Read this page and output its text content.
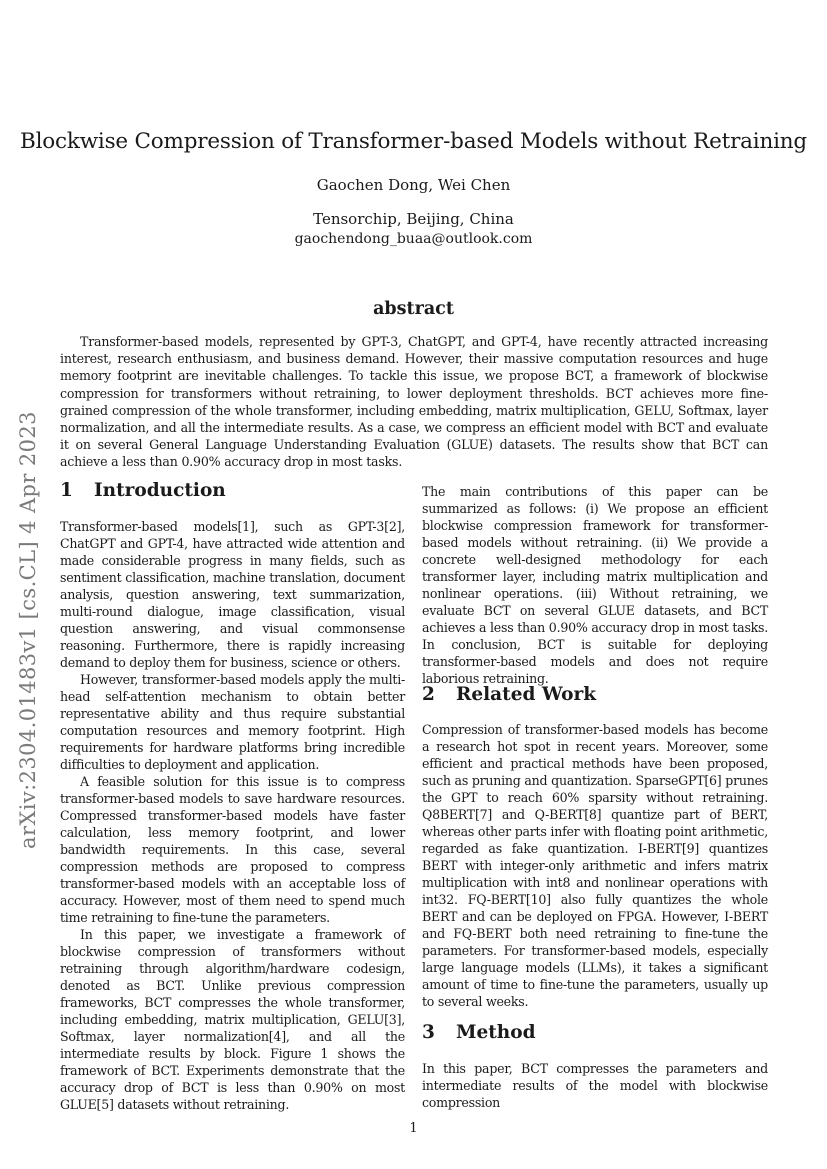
arXiv:2304.01483v1 [cs.CL] 4 Apr 2023
Blockwise Compression of Transformer-based Models without Retraining
Gaochen Dong, Wei Chen
Tensorchip, Beijing, China
gaochendong_buaa@outlook.com
abstract
Transformer-based models, represented by GPT-3, ChatGPT, and GPT-4, have recently attracted increasing interest, research enthusiasm, and business demand. However, their massive computation resources and huge memory footprint are inevitable challenges. To tackle this issue, we propose BCT, a framework of blockwise compression for transformers without retraining, to lower deployment thresholds. BCT achieves more fine-grained compression of the whole transformer, including embedding, matrix multiplication, GELU, Softmax, layer normalization, and all the intermediate results. As a case, we compress an efficient model with BCT and evaluate it on several General Language Understanding Evaluation (GLUE) datasets. The results show that BCT can achieve a less than 0.90% accuracy drop in most tasks.
1 Introduction

Transformer-based models[1], such as GPT-3[2], ChatGPT and GPT-4, have attracted wide attention and made considerable progress in many fields, such as sentiment classification, machine translation, document analysis, question answering, text summarization, multi-round dialogue, image classification, visual question answering, and visual commonsense reasoning. Furthermore, there is rapidly increasing demand to deploy them for business, science or others.

However, transformer-based models apply the multi-head self-attention mechanism to obtain better representative ability and thus require substantial computation resources and memory footprint. High requirements for hardware platforms bring incredible difficulties to deployment and application.

A feasible solution for this issue is to compress transformer-based models to save hardware resources. Compressed transformer-based models have faster calculation, less memory footprint, and lower bandwidth requirements. In this case, several compression methods are proposed to compress transformer-based models with an acceptable loss of accuracy. However, most of them need to spend much time retraining to fine-tune the parameters.

In this paper, we investigate a framework of blockwise compression of transformers without retraining through algorithm/hardware codesign, denoted as BCT. Unlike previous compression frameworks, BCT compresses the whole transformer, including embedding, matrix multiplication, GELU[3], Softmax, layer normalization[4], and all the intermediate results by block. Figure 1 shows the framework of BCT. Experiments demonstrate that the accuracy drop of BCT is less than 0.90% on most GLUE[5] datasets without retraining.

2 Related Work

Compression of transformer-based models has become a research hot spot in recent years. Moreover, some efficient and practical methods have been proposed, such as pruning and quantization. SparseGPT[6] prunes the GPT to reach 60% sparsity without retraining. Q8BERT[7] and Q-BERT[8] quantize part of BERT, whereas other parts infer with floating point arithmetic, regarded as fake quantization. I-BERT[9] quantizes BERT with integer-only arithmetic and infers matrix multiplication with int8 and nonlinear operations with int32. FQ-BERT[10] also fully quantizes the whole BERT and can be deployed on FPGA. However, I-BERT and FQ-BERT both need retraining to fine-tune the parameters. For transformer-based models, especially large language models (LLMs), it takes a significant amount of time to fine-tune the parameters, usually up to several weeks.

3 Method

In this paper, BCT compresses the parameters and intermediate results of the model with blockwise compression

1
The main contributions of this paper can be summarized as follows: (i) We propose an efficient blockwise compression framework for transformer-based models without retraining. (ii) We provide a concrete well-designed methodology for each transformer layer, including matrix multiplication and nonlinear operations. (iii) Without retraining, we evaluate BCT on several GLUE datasets, and BCT achieves a less than 0.90% accuracy drop in most tasks. In conclusion, BCT is suitable for deploying transformer-based models and does not require laborious retraining.
